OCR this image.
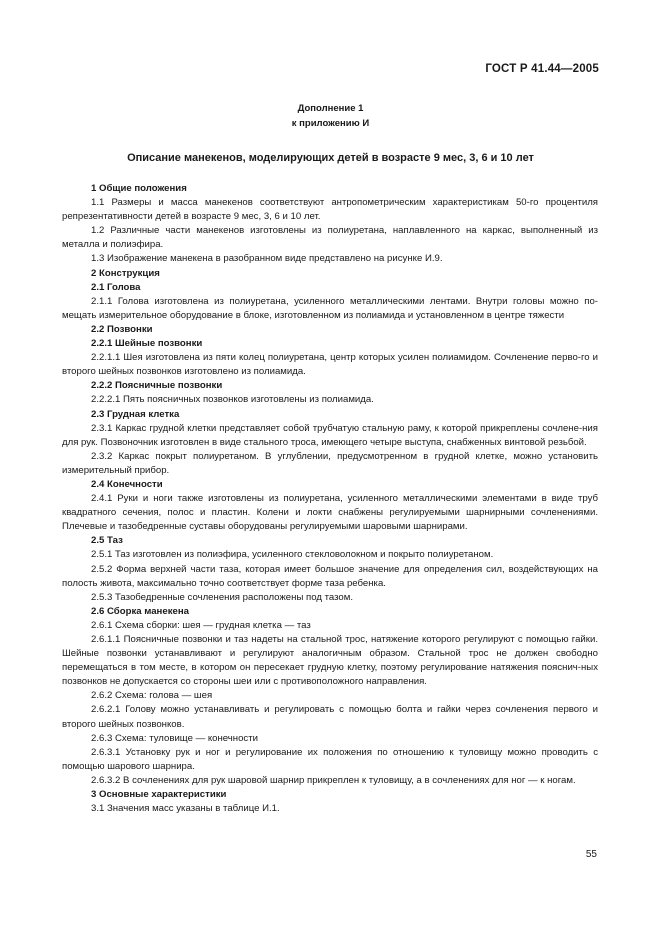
ГОСТ Р 41.44—2005
Дополнение 1
к приложению И
Описание манекенов, моделирующих детей в возрасте 9 мес, 3, 6 и 10 лет

1 Общие положения

1.1 Размеры и масса манекенов соответствуют антропометрическим характеристикам 50-го процентиля репрезентативности детей в возрасте 9 мес, 3, 6 и 10 лет.

1.2 Различные части манекенов изготовлены из полиуретана, наплавленного на каркас, выполненный из металла и полиэфира.

1.3 Изображение манекена в разобранном виде представлено на рисунке И.9.

2 Конструкция

2.1 Голова

2.1.1 Голова изготовлена из полиуретана, усиленного металлическими лентами. Внутри головы можно по-мещать измерительное оборудование в блоке, изготовленном из полиамида и установленном в центре тяжести

2.2 Позвонки

2.2.1 Шейные позвонки

2.2.1.1 Шея изготовлена из пяти колец полиуретана, центр которых усилен полиамидом. Сочленение перво-го и второго шейных позвонков изготовлено из полиамида.

2.2.2 Поясничные позвонки

2.2.2.1 Пять поясничных позвонков изготовлены из полиамида.

2.3 Грудная клетка

2.3.1 Каркас грудной клетки представляет собой трубчатую стальную раму, к которой прикреплены сочлене-ния для рук. Позвоночник изготовлен в виде стального троса, имеющего четыре выступа, снабженных винтовой резьбой.

2.3.2 Каркас покрыт полиуретаном. В углублении, предусмотренном в грудной клетке, можно установить измерительный прибор.

2.4 Конечности

2.4.1 Руки и ноги также изготовлены из полиуретана, усиленного металлическими элементами в виде труб квадратного сечения, полос и пластин. Колени и локти снабжены регулируемыми шарнирными сочленениями. Плечевые и тазобедренные суставы оборудованы регулируемыми шаровыми шарнирами.

2.5 Таз

2.5.1 Таз изготовлен из полиэфира, усиленного стекловолокном и покрыто полиуретаном.

2.5.2 Форма верхней части таза, которая имеет большое значение для определения сил, воздействующих на полость живота, максимально точно соответствует форме таза ребенка.

2.5.3 Тазобедренные сочленения расположены под тазом.

2.6 Сборка манекена

2.6.1 Схема сборки: шея — грудная клетка — таз

2.6.1.1 Поясничные позвонки и таз надеты на стальной трос, натяжение которого регулируют с помощью гайки. Шейные позвонки устанавливают и регулируют аналогичным образом. Стальной трос не должен свободно перемещаться в том месте, в котором он пересекает грудную клетку, поэтому регулирование натяжения пояснич-ных позвонков не допускается со стороны шеи или с противоположного направления.

2.6.2 Схема: голова — шея

2.6.2.1 Голову можно устанавливать и регулировать с помощью болта и гайки через сочленения первого и второго шейных позвонков.

2.6.3 Схема: туловище — конечности

2.6.3.1 Установку рук и ног и регулирование их положения по отношению к туловищу можно проводить с помощью шарового шарнира.

2.6.3.2 В сочленениях для рук шаровой шарнир прикреплен к туловищу, а в сочленениях для ног — к ногам.

3 Основные характеристики

3.1 Значения масс указаны в таблице И.1.

55
